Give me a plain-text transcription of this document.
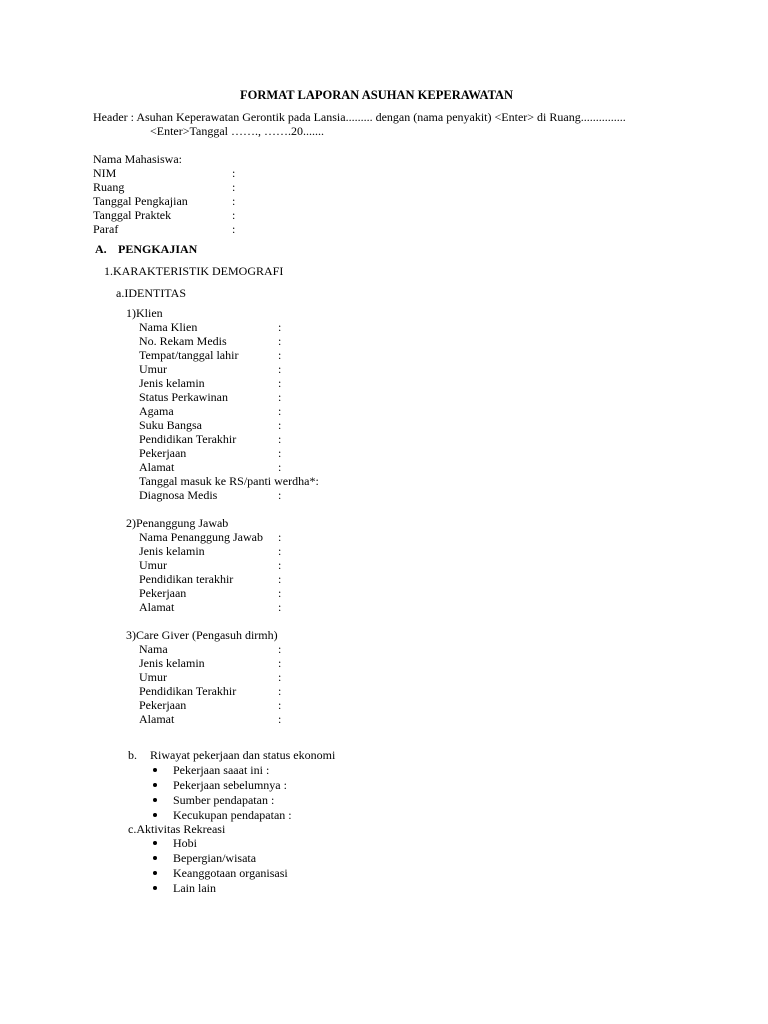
FORMAT LAPORAN ASUHAN KEPERAWATAN
Header : Asuhan Keperawatan Gerontik pada Lansia......... dengan (nama penyakit) <Enter> di Ruang...............
<Enter>Tanggal ……., …….20.......
Nama Mahasiswa:
NIM	:
Ruang	:
Tanggal Pengkajian	:
Tanggal Praktek	:
Paraf	:
A. PENGKAJIAN
1.KARAKTERISTIK DEMOGRAFI
a.IDENTITAS
1)Klien
Nama Klien	:
No. Rekam Medis	:
Tempat/tanggal lahir	:
Umur	:
Jenis kelamin	:
Status Perkawinan	:
Agama	:
Suku Bangsa	:
Pendidikan Terakhir	:
Pekerjaan	:
Alamat	:
Tanggal masuk ke RS/panti werdha*:
Diagnosa Medis	:
2)Penanggung Jawab
Nama Penanggung Jawab :
Jenis kelamin	:
Umur	:
Pendidikan terakhir	:
Pekerjaan	:
Alamat	:
3)Care Giver (Pengasuh dirmh)
Nama	:
Jenis kelamin	:
Umur	:
Pendidikan Terakhir	:
Pekerjaan	:
Alamat	:
b. Riwayat pekerjaan dan status ekonomi
Pekerjaan saaat ini :
Pekerjaan sebelumnya :
Sumber pendapatan :
Kecukupan pendapatan :
c.Aktivitas Rekreasi
Hobi
Bepergian/wisata
Keanggotaan organisasi
Lain lain
